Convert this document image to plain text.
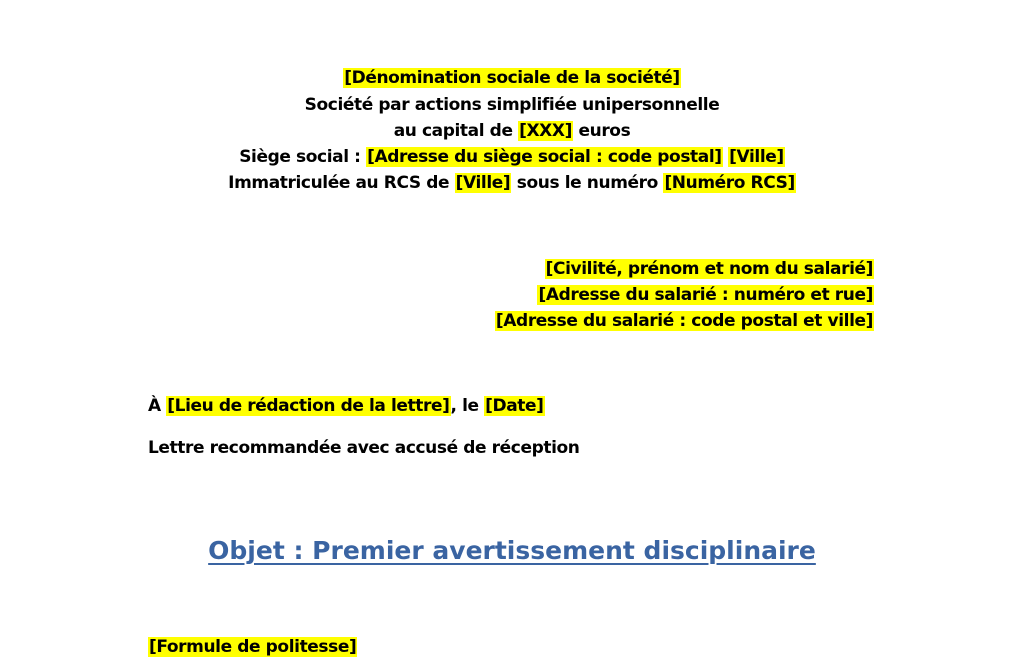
[Dénomination sociale de la société]
Société par actions simplifiée unipersonnelle
au capital de [XXX] euros
Siège social : [Adresse du siège social : code postal] [Ville]
Immatriculée au RCS de [Ville] sous le numéro [Numéro RCS]
[Civilité, prénom et nom du salarié]
[Adresse du salarié : numéro et rue]
[Adresse du salarié : code postal et ville]
À [Lieu de rédaction de la lettre], le [Date]
Lettre recommandée avec accusé de réception
Objet : Premier avertissement disciplinaire
[Formule de politesse]
